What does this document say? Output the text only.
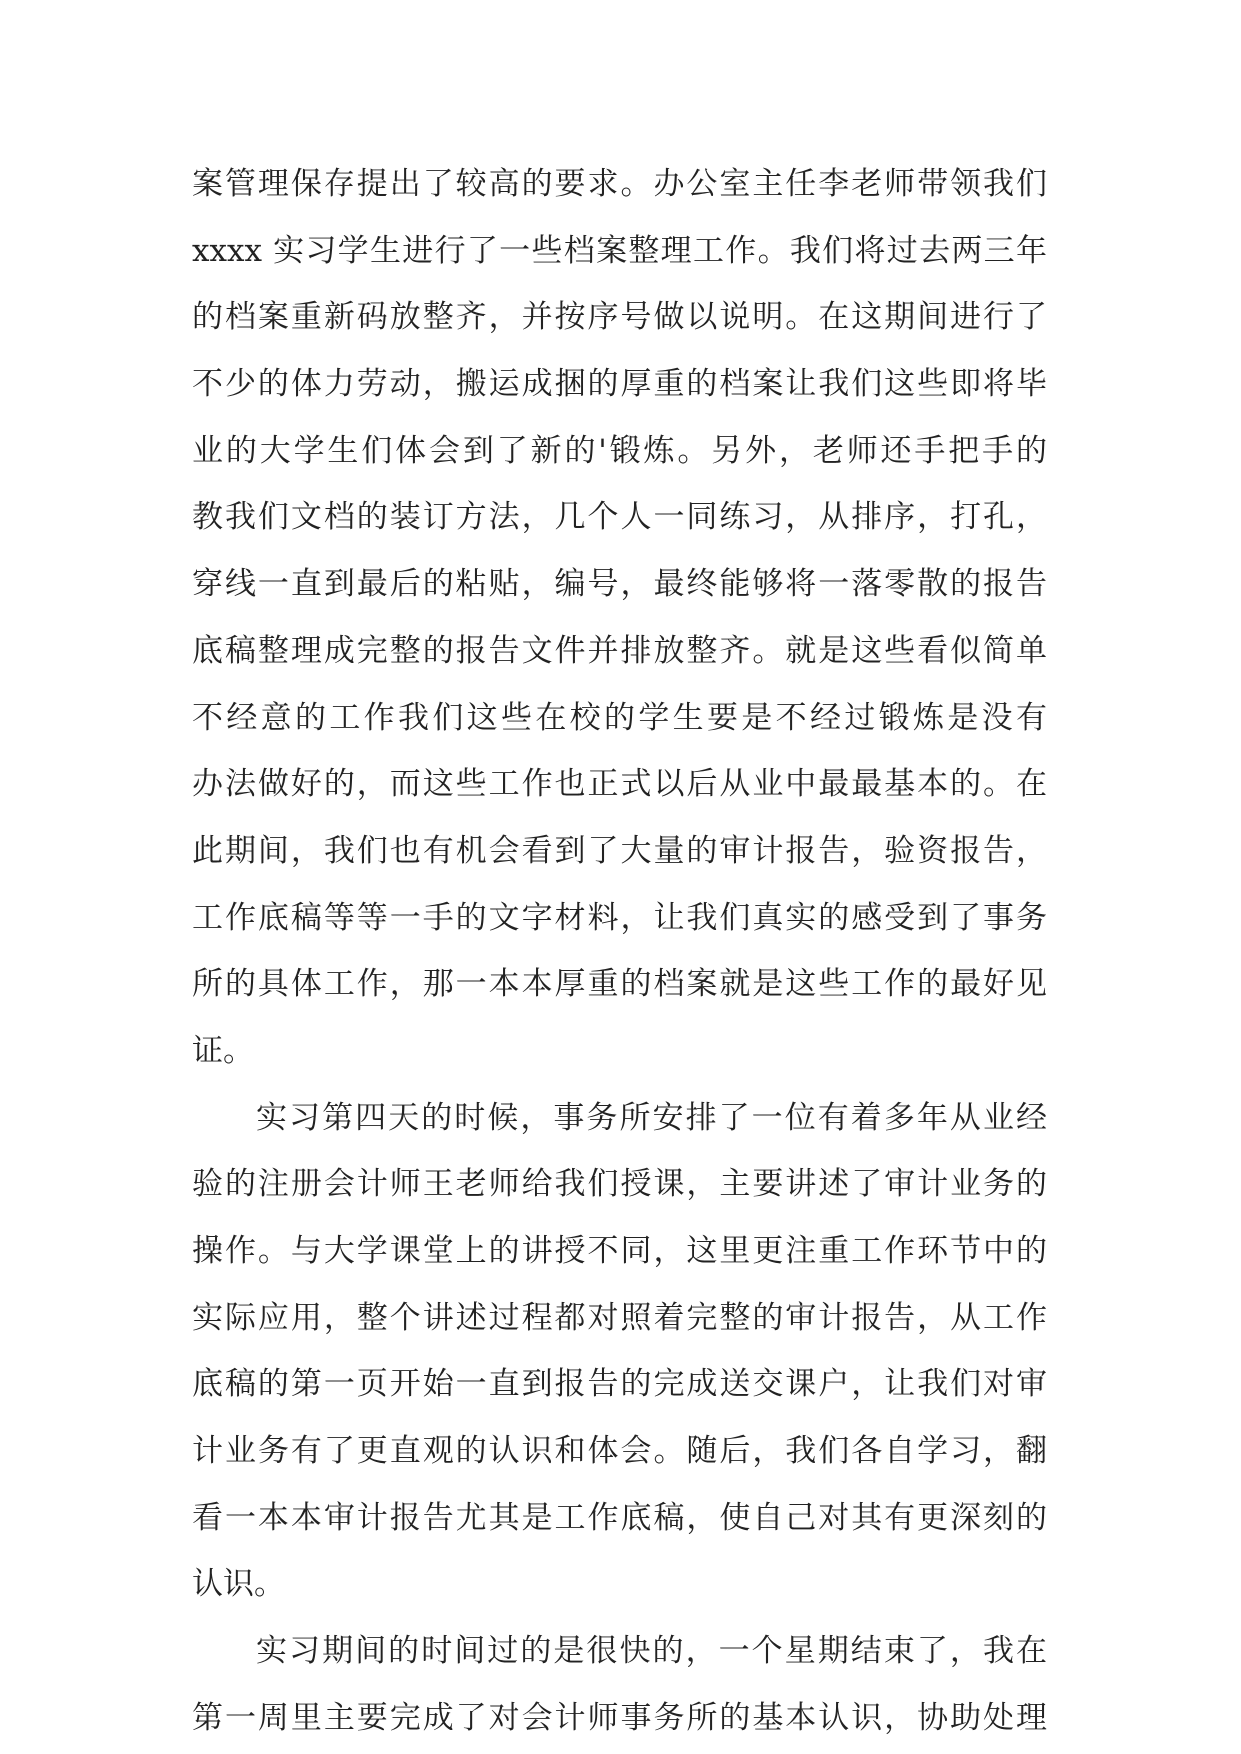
案管理保存提出了较高的要求。办公室主任李老师带领我们
xxxx 实习学生进行了一些档案整理工作。我们将过去两三年
的档案重新码放整齐，并按序号做以说明。在这期间进行了
不少的体力劳动，搬运成捆的厚重的档案让我们这些即将毕
业的大学生们体会到了新的'锻炼。另外，老师还手把手的
教我们文档的装订方法，几个人一同练习，从排序，打孔，
穿线一直到最后的粘贴，编号，最终能够将一落零散的报告
底稿整理成完整的报告文件并排放整齐。就是这些看似简单
不经意的工作我们这些在校的学生要是不经过锻炼是没有
办法做好的，而这些工作也正式以后从业中最最基本的。在
此期间，我们也有机会看到了大量的审计报告，验资报告，
工作底稿等等一手的文字材料，让我们真实的感受到了事务
所的具体工作，那一本本厚重的档案就是这些工作的最好见
证。
实习第四天的时候，事务所安排了一位有着多年从业经
验的注册会计师王老师给我们授课，主要讲述了审计业务的
操作。与大学课堂上的讲授不同，这里更注重工作环节中的
实际应用，整个讲述过程都对照着完整的审计报告，从工作
底稿的第一页开始一直到报告的完成送交课户，让我们对审
计业务有了更直观的认识和体会。随后，我们各自学习，翻
看一本本审计报告尤其是工作底稿，使自己对其有更深刻的
认识。
实习期间的时间过的是很快的，一个星期结束了，我在
第一周里主要完成了对会计师事务所的基本认识，协助处理
